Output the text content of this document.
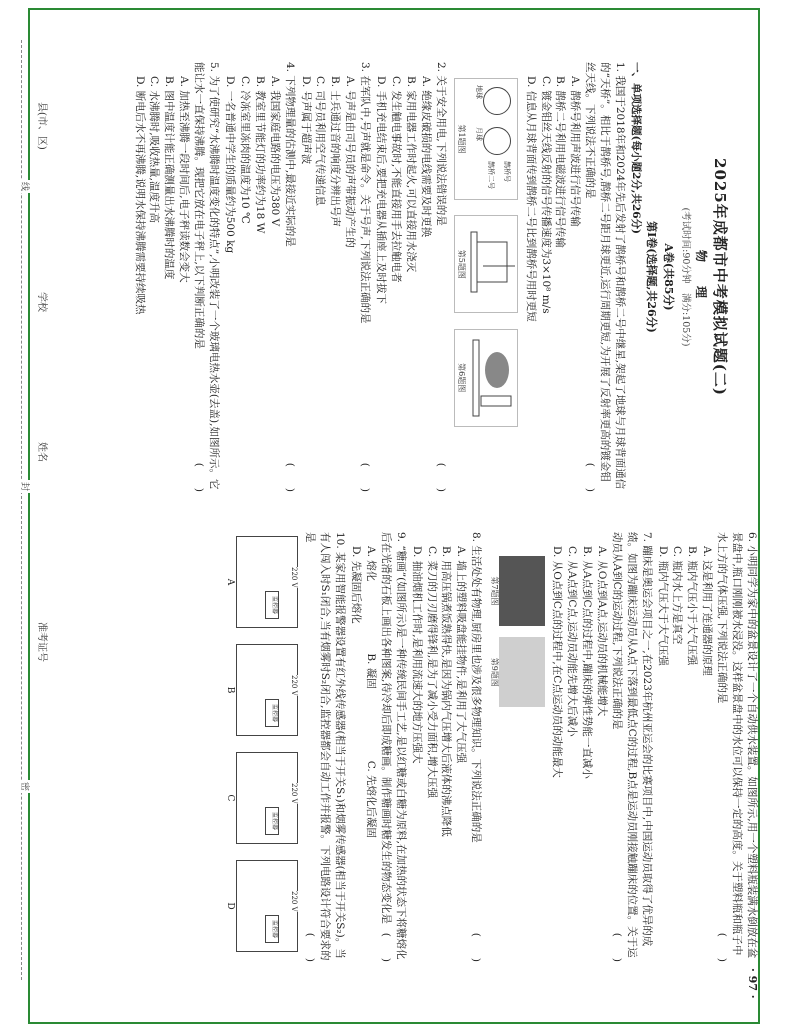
县(市、区)
学校
姓名
准考证号
线
封
密
2025年成都市中考模拟试题(二)
物　理
(考试时间:90分钟　满分:105分)
A卷(共85分)
第Ⅰ卷(选择题,共26分)
一、单项选择题(每小题2分,共26分)
1. 我国于2018年和2024年先后发射了鹊桥号和鹊桥二号中继星,架起了地球与月球背面通信的“天桥”。相比于鹊桥号,鹊桥二号距月球更近,运行周期更短,为开展了反射率更高的镀金钼丝天线。下列说法不正确的是
(　　)
A. 鹊桥号利用声波进行信号传输
B. 鹊桥二号利用电磁波进行信号传输
C. 镀金钼丝天线反射的信号传播速度为3×10⁸ m/s
D. 信息从月球背面传到鹊桥二号比到鹊桥号用时更短
地球
月球
鹊桥号
鹊桥二号
第1题图

第5题图

第6题图
2. 关于安全用电,下列说法错误的是
(　　)
A. 绝缘皮破损的电线需要及时更换
B. 家用电器工作时起火,可以直接用水浇灭
C. 发生触电事故时,不能直接用手去拉触电者
D. 手机充电结束后,要把充电器从插座上及时拔下
3. 在军队中,号声就是命令。关于号声,下列说法正确的是
(　　)
A. 号声是由司号员的声带振动产生的
B. 士兵通过音的响度分辨出号声
C. 司号员利用空气传递信息
D. 号声属于超声波
4. 下列物理量的估测中,最接近实际的是
(　　)
A. 我国家庭电路的电压为380 V
B. 教室里节能灯的功率约为18 W
C. 冷冻室里冻肉的温度为10 ℃
D. 一名普通中学生的质量约为500 kg
5. 为了使研究“水沸腾时温度变化的特点”,小明改装了一个玻璃电热水壶(去盖),如图所示。它能让水一直保持沸腾。现把它放在电子秤上,以下判断正确的是
(　　)
A. 加热至沸腾一段时间后,电子秤读数会变大
B. 图中温度计能正确测量出水沸腾时的温度
C. 水沸腾时,吸收热量,温度升高
D. 断电后水不再沸腾,说明水保持沸腾需要持续吸热
6. 小明同学为家中的盆景设计了一个自动供水装置。如图所示,用一个塑料瓶装满水倒放在盆景盘中,瓶口刚刚被水浸没。这样盆景盘中的水位可以保持一定的高度。关于塑料瓶和瓶子中水上方的气体压强,下列说法正确的是
(　　)
A. 这是利用了连通器的原理
B. 瓶内气压小于大气压强
C. 瓶内水上方是真空
D. 瓶内气压大于大气压强
7. 蹦床是奥运会项目之一,在2023年杭州亚运会的比赛项目中,中国运动员取得了优异的成绩。如图为蹦床运动员从A点下落到最低点C的过程,B点是运动员刚接触蹦床的位置。关于运动员从A到C的运动过程,下列说法正确的是
(　　)
A. 从O点到A点,运动员的机械能增大
B. 从A点到C点的过程中,蹦床的弹性势能一直减小
C. 从A点到C点,运动员动能先增大后减小
D. 从O点到C点的过程中,在C点运动员的动能最大
第7题图

第9题图
8. 生活处处有物理,厨房里也涉及很多物理知识。下列说法正确的是
(　　)
A. 墙上的塑料吸盘能挂物件,是利用了大气压强
B. 用高压锅煮饭熟得快,是因为锅内气压增大后液体的沸点降低
C. 菜刀的刀刃磨得锋利,是为了减小受力面积,增大压强
D. 抽油烟机工作时,是利用流速大的地方压强大
9. “糖画”(如图所示)是一种传统民间手工艺,是以红糖或白糖为原料,在加热的状态下将糖熔化后在光滑的石板上画出各种图案,待冷却后即成糖画。制作糖画时糖发生的物态变化是
(　　)
A. 熔化 B. 凝固 C. 先熔化后凝固 D. 先凝固后熔化
10. 某家用智能报警器设置有红外线传感器(相当于开关S₁)和烟雾传感器(相当于开关S₂)。当有人闯入时S₁闭合,当有烟雾时S₂闭合,监控器都会自动工作并报警。下列电路设计符合要求的是
(　　)
220 V
监控器
A
220 V
监控器
B
220 V
监控器
C
220 V
监控器
D
· 97 ·
